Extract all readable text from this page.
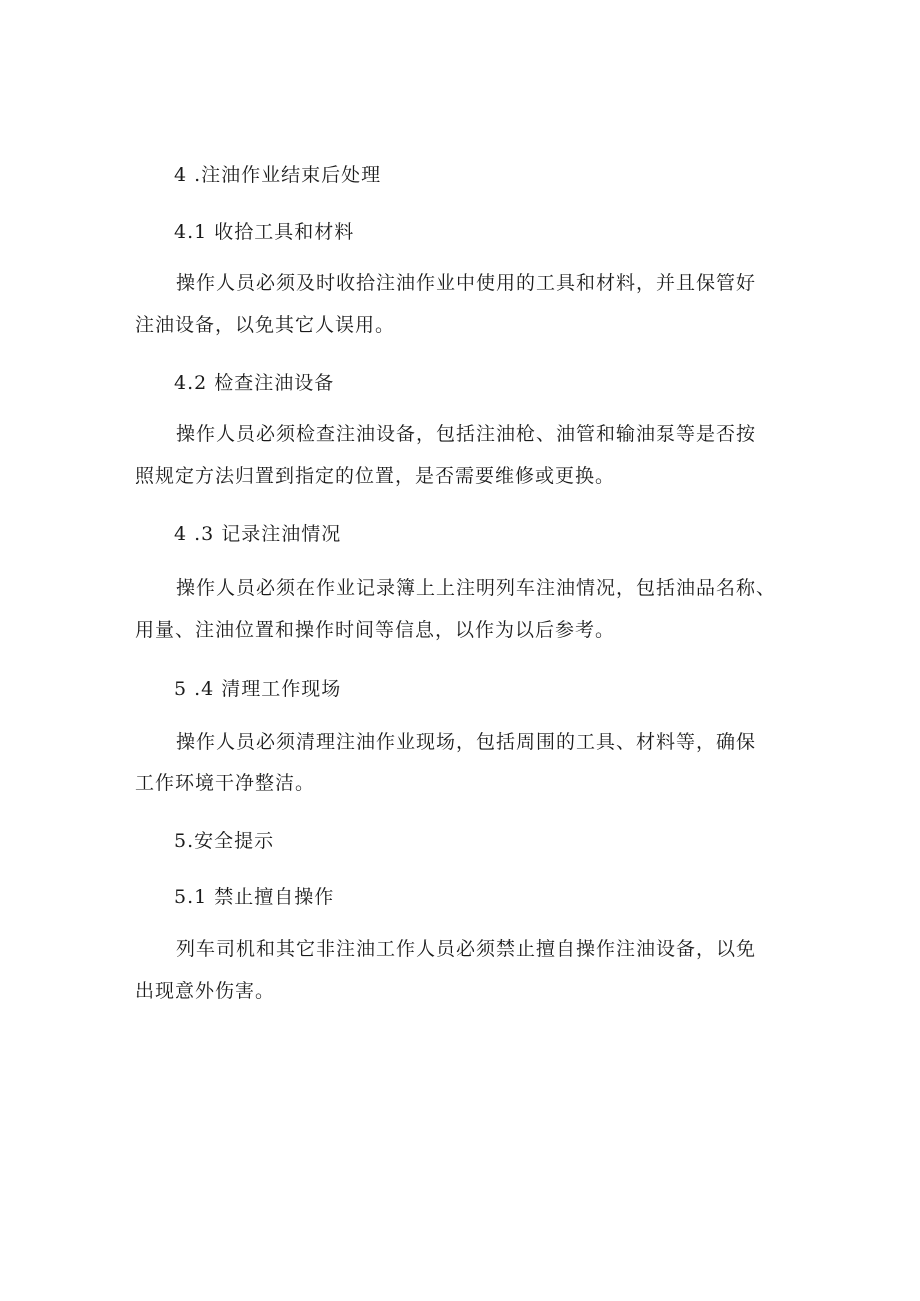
4 .注油作业结束后处理
4.1 收拾工具和材料
操作人员必须及时收拾注油作业中使用的工具和材料，并且保管好
注油设备，以免其它人误用。
4.2 检查注油设备
操作人员必须检查注油设备，包括注油枪、油管和输油泵等是否按
照规定方法归置到指定的位置，是否需要维修或更换。
4 .3 记录注油情况
操作人员必须在作业记录簿上上注明列车注油情况，包括油品名称、
用量、注油位置和操作时间等信息，以作为以后参考。
5 .4 清理工作现场
操作人员必须清理注油作业现场，包括周围的工具、材料等，确保
工作环境干净整洁。
5.安全提示
5.1 禁止擅自操作
列车司机和其它非注油工作人员必须禁止擅自操作注油设备，以免
出现意外伤害。
